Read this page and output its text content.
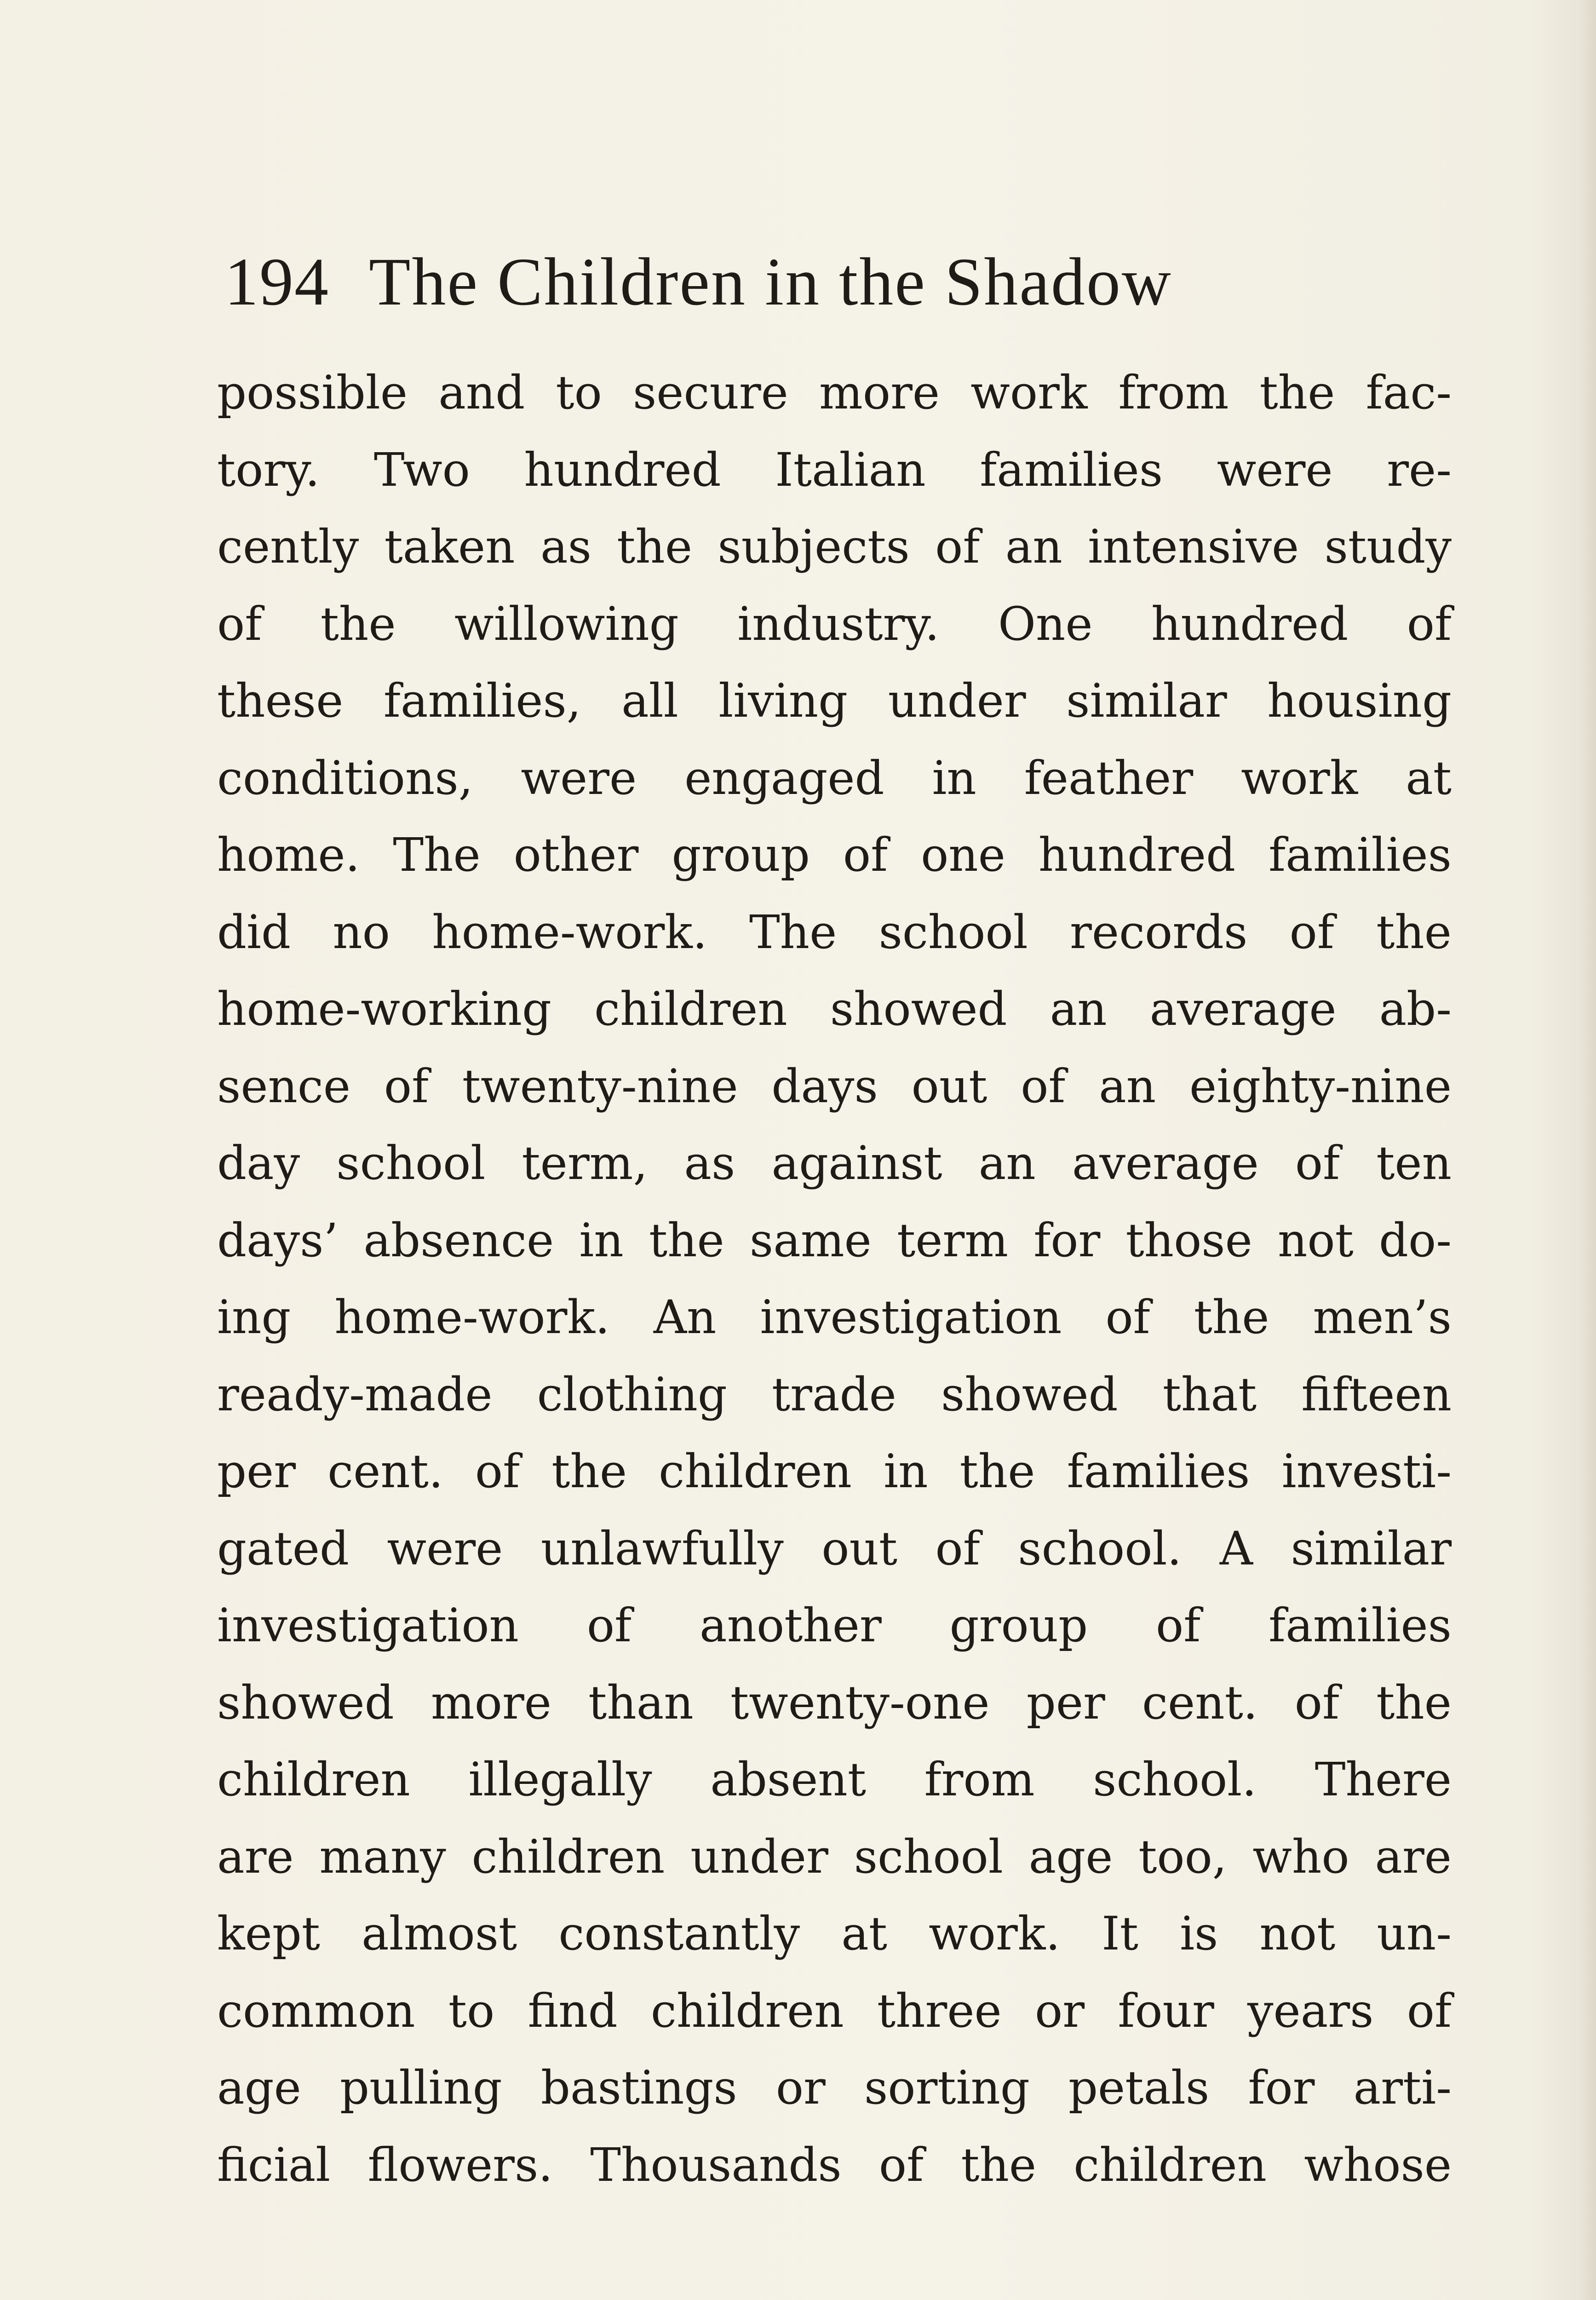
194 The Children in the Shadow
possible and to secure more work from the fac-
tory. Two hundred Italian families were re-
cently taken as the subjects of an intensive study
of the willowing industry. One hundred of
these families, all living under similar housing
conditions, were engaged in feather work at
home. The other group of one hundred families
did no home-work. The school records of the
home-working children showed an average ab-
sence of twenty-nine days out of an eighty-nine
day school term, as against an average of ten
days’ absence in the same term for those not do-
ing home-work. An investigation of the men’s
ready-made clothing trade showed that fifteen
per cent. of the children in the families investi-
gated were unlawfully out of school. A similar
investigation of another group of families
showed more than twenty-one per cent. of the
children illegally absent from school. There
are many children under school age too, who are
kept almost constantly at work. It is not un-
common to find children three or four years of
age pulling bastings or sorting petals for arti-
ficial flowers. Thousands of the children whose
